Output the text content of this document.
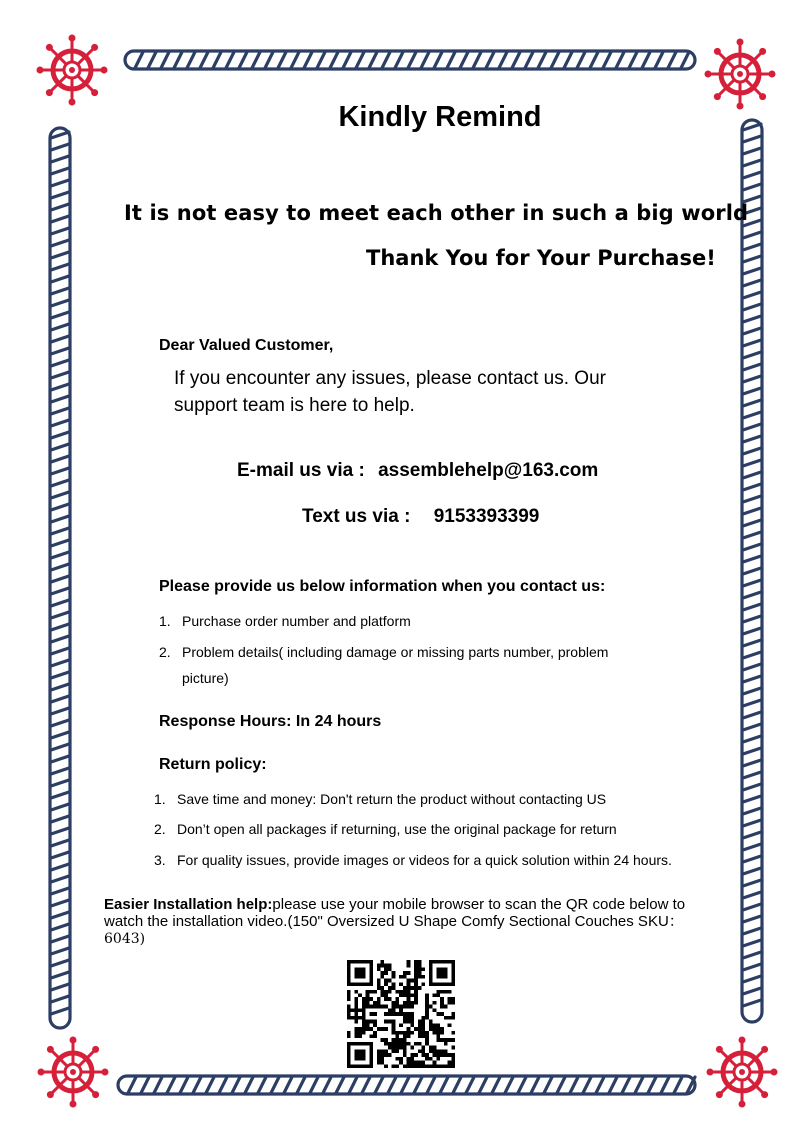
Kindly Remind
It is not easy to meet each other in such a big world
Thank You for Your Purchase!
Dear Valued Customer,
If you encounter any issues, please contact us. Our support team is here to help.
E-mail us via : assemblehelp@163.com
Text us via : 9153393399
Please provide us below information when you contact us:
1. Purchase order number and platform
2. Problem details( including damage or missing parts number, problem picture)
Response Hours: In 24 hours
Return policy:
1. Save time and money: Don't return the product without contacting US
2. Don’t open all packages if returning, use the original package for return
3. For quality issues, provide images or videos for a quick solution within 24 hours.
Easier Installation help:please use your mobile browser to scan the QR code below to watch the installation video.(150" Oversized U Shape Comfy Sectional Couches SKU：6043)
